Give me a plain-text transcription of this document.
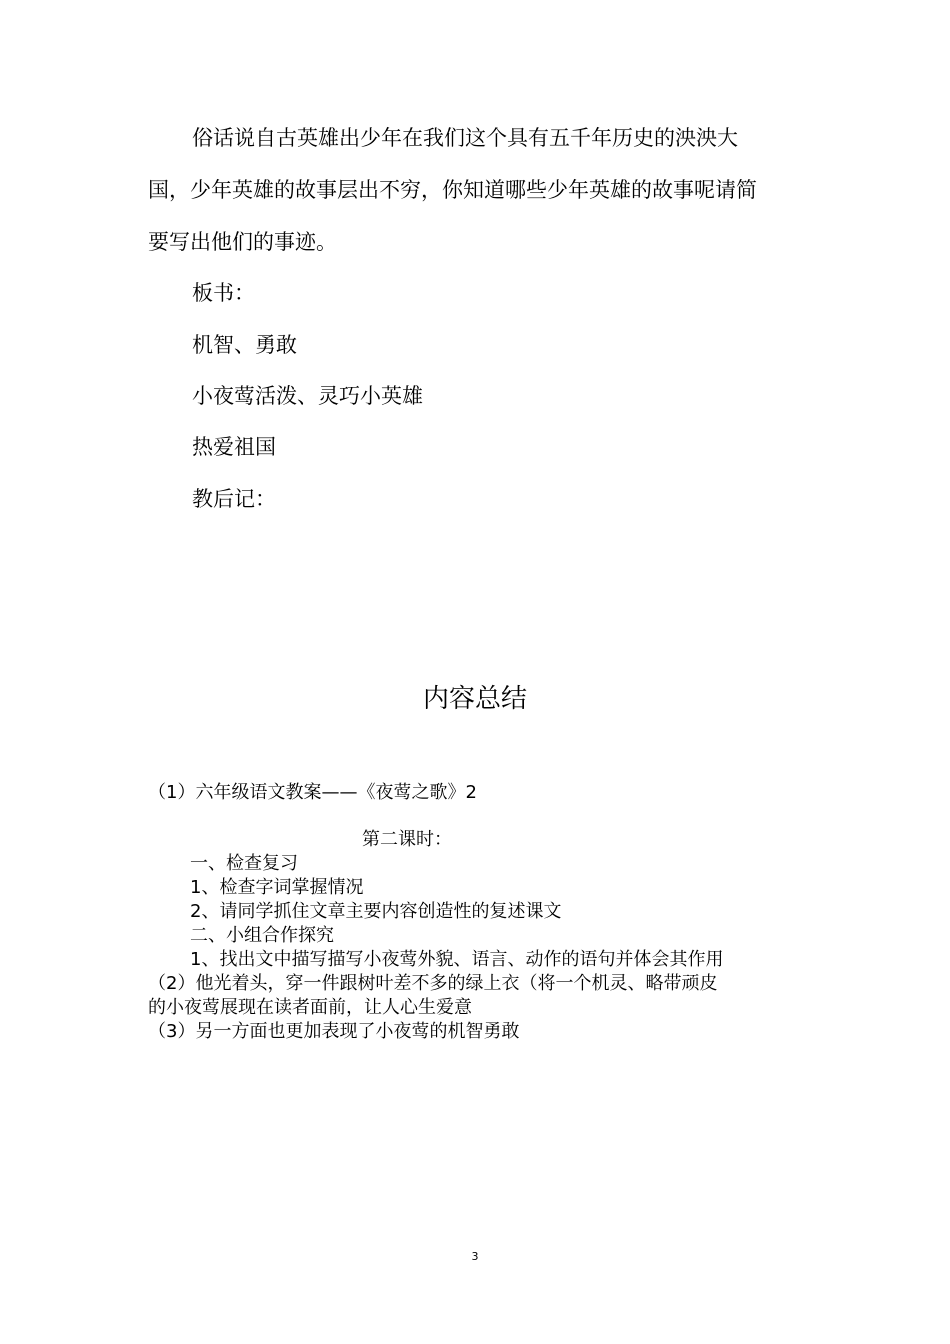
俗话说自古英雄出少年在我们这个具有五千年历史的泱泱大
国，少年英雄的故事层出不穷，你知道哪些少年英雄的故事呢请简
要写出他们的事迹。
板书：
机智、勇敢
小夜莺活泼、灵巧小英雄
热爱祖国
教后记：
内容总结
（1）六年级语文教案——《夜莺之歌》2
第二课时：
一、检查复习
1、检查字词掌握情况
2、请同学抓住文章主要内容创造性的复述课文
二、小组合作探究
1、找出文中描写描写小夜莺外貌、语言、动作的语句并体会其作用
（2）他光着头，穿一件跟树叶差不多的绿上衣（将一个机灵、略带顽皮
的小夜莺展现在读者面前，让人心生爱意
（3）另一方面也更加表现了小夜莺的机智勇敢
3
